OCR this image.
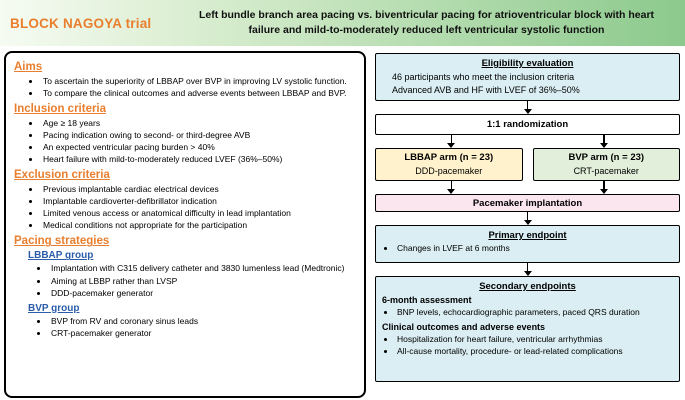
BLOCK NAGOYA trial
Left bundle branch area pacing vs. biventricular pacing for atrioventricular block with heart failure and mild-to-moderately reduced left ventricular systolic function
Aims
• To ascertain the superiority of LBBAP over BVP in improving LV systolic function.
• To compare the clinical outcomes and adverse events between LBBAP and BVP.
Inclusion criteria
• Age ≥ 18 years
• Pacing indication owing to second- or third-degree AVB
• An expected ventricular pacing burden > 40%
• Heart failure with mild-to-moderately reduced LVEF (36%–50%)
Exclusion criteria
• Previous implantable cardiac electrical devices
• Implantable cardioverter-defibrillator indication
• Limited venous access or anatomical difficulty in lead implantation
• Medical conditions not appropriate for the participation
Pacing strategies
LBBAP group
• Implantation with C315 delivery catheter and 3830 lumenless lead (Medtronic)
• Aiming at LBBP rather than LVSP
• DDD-pacemaker generator
BVP group
• BVP from RV and coronary sinus leads
• CRT-pacemaker generator
Eligibility evaluation
46 participants who meet the inclusion criteria
Advanced AVB and HF with LVEF of 36%–50%
1:1 randomization
LBBAP arm (n = 23)
DDD-pacemaker
BVP arm (n = 23)
CRT-pacemaker
Pacemaker implantation
Primary endpoint
• Changes in LVEF at 6 months
Secondary endpoints
6-month assessment
• BNP levels, echocardiographic parameters, paced QRS duration
Clinical outcomes and adverse events
• Hospitalization for heart failure, ventricular arrhythmias
• All-cause mortality, procedure- or lead-related complications
